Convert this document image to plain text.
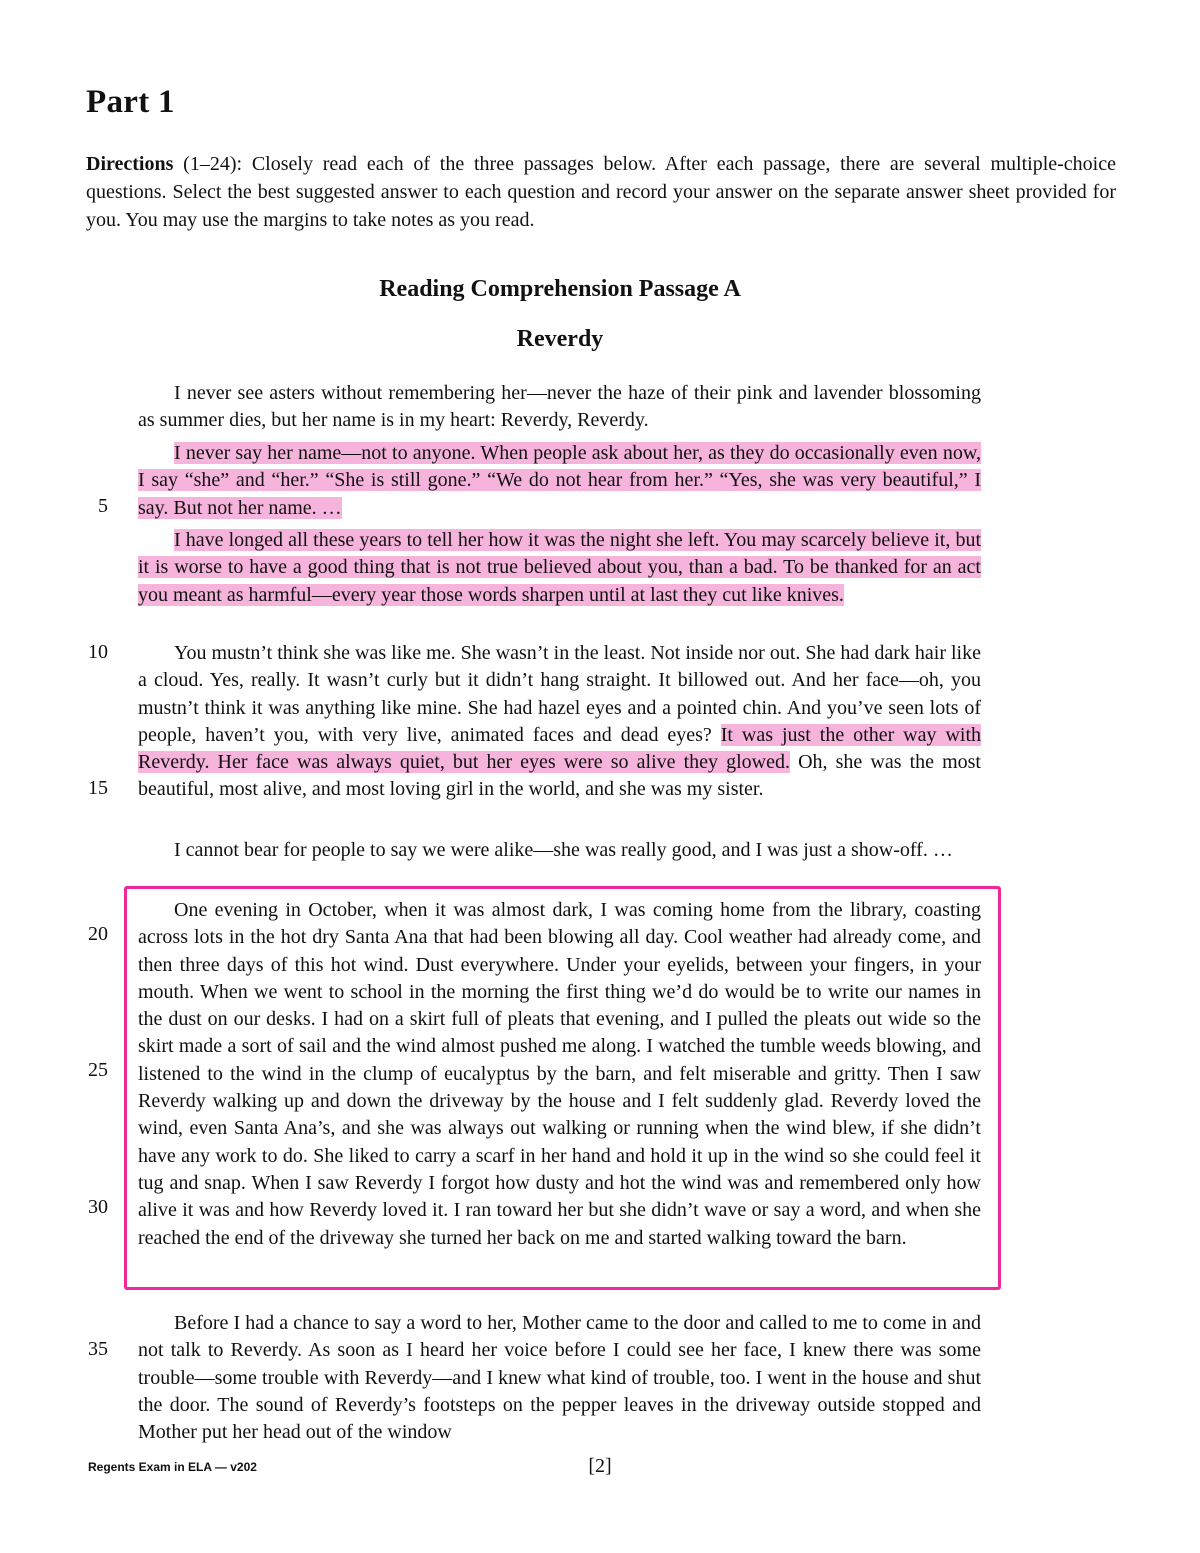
Part 1

Directions (1–24): Closely read each of the three passages below. After each passage, there are several multiple-choice questions. Select the best suggested answer to each question and record your answer on the separate answer sheet provided for you. You may use the margins to take notes as you read.

Reading Comprehension Passage A
Reverdy

I never see asters without remembering her—never the haze of their pink and lavender blossoming as summer dies, but her name is in my heart: Reverdy, Reverdy.

I never say her name—not to anyone. When people ask about her, as they do occasionally even now, I say “she” and “her.” “She is still gone.” “We do not hear from her.” “Yes, she was very beautiful,” I say. But not her name. …

I have longed all these years to tell her how it was the night she left. You may scarcely believe it, but it is worse to have a good thing that is not true believed about you, than a bad. To be thanked for an act you meant as harmful—every year those words sharpen until at last they cut like knives.

You mustn’t think she was like me. She wasn’t in the least. Not inside nor out. She had dark hair like a cloud. Yes, really. It wasn’t curly but it didn’t hang straight. It billowed out. And her face—oh, you mustn’t think it was anything like mine. She had hazel eyes and a pointed chin. And you’ve seen lots of people, haven’t you, with very live, animated faces and dead eyes? It was just the other way with Reverdy. Her face was always quiet, but her eyes were so alive they glowed. Oh, she was the most beautiful, most alive, and most loving girl in the world, and she was my sister.

I cannot bear for people to say we were alike—she was really good, and I was just a show-off. …

One evening in October, when it was almost dark, I was coming home from the library, coasting across lots in the hot dry Santa Ana that had been blowing all day. Cool weather had already come, and then three days of this hot wind. Dust everywhere. Under your eyelids, between your fingers, in your mouth. When we went to school in the morning the first thing we’d do would be to write our names in the dust on our desks. I had on a skirt full of pleats that evening, and I pulled the pleats out wide so the skirt made a sort of sail and the wind almost pushed me along. I watched the tumble weeds blowing, and listened to the wind in the clump of eucalyptus by the barn, and felt miserable and gritty. Then I saw Reverdy walking up and down the driveway by the house and I felt suddenly glad. Reverdy loved the wind, even Santa Ana’s, and she was always out walking or running when the wind blew, if she didn’t have any work to do. She liked to carry a scarf in her hand and hold it up in the wind so she could feel it tug and snap. When I saw Reverdy I forgot how dusty and hot the wind was and remembered only how alive it was and how Reverdy loved it. I ran toward her but she didn’t wave or say a word, and when she reached the end of the driveway she turned her back on me and started walking toward the barn.

Before I had a chance to say a word to her, Mother came to the door and called to me to come in and not talk to Reverdy. As soon as I heard her voice before I could see her face, I knew there was some trouble—some trouble with Reverdy—and I knew what kind of trouble, too. I went in the house and shut the door. The sound of Reverdy’s footsteps on the pepper leaves in the driveway outside stopped and Mother put her head out of the window

5
10
15
20
25
30
35
Regents Exam in ELA — v202	[2]
